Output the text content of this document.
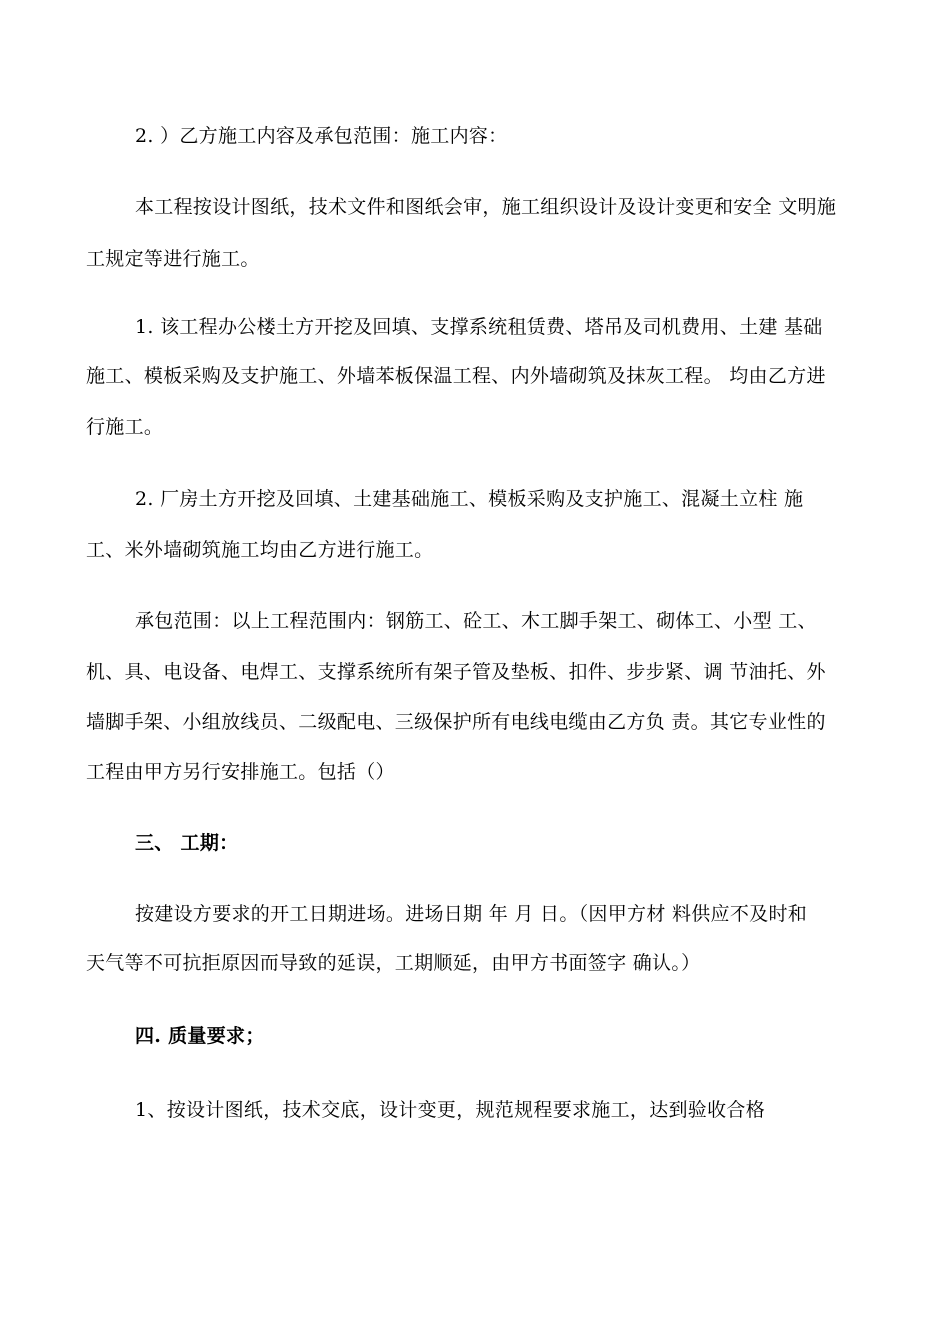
2. ）乙方施工内容及承包范围：施工内容：
本工程按设计图纸，技术文件和图纸会审，施工组织设计及设计变更和安全 文明施
工规定等进行施工。
1. 该工程办公楼土方开挖及回填、支撑系统租赁费、塔吊及司机费用、土建 基础
施工、模板采购及支护施工、外墙苯板保温工程、内外墙砌筑及抹灰工程。 均由乙方进
行施工。
2. 厂房土方开挖及回填、土建基础施工、模板采购及支护施工、混凝土立柱 施
工、米外墙砌筑施工均由乙方进行施工。
承包范围：以上工程范围内：钢筋工、砼工、木工脚手架工、砌体工、小型 工、
机、具、电设备、电焊工、支撑系统所有架子管及垫板、扣件、步步紧、调 节油托、外
墙脚手架、小组放线员、二级配电、三级保护所有电线电缆由乙方负 责。其它专业性的
工程由甲方另行安排施工。包括（）
三、 工期：
按建设方要求的开工日期进场。进场日期 年 月 日。（因甲方材 料供应不及时和
天气等不可抗拒原因而导致的延误，工期顺延，由甲方书面签字 确认。）
四. 质量要求；
1、按设计图纸，技术交底，设计变更，规范规程要求施工，达到验收合格
